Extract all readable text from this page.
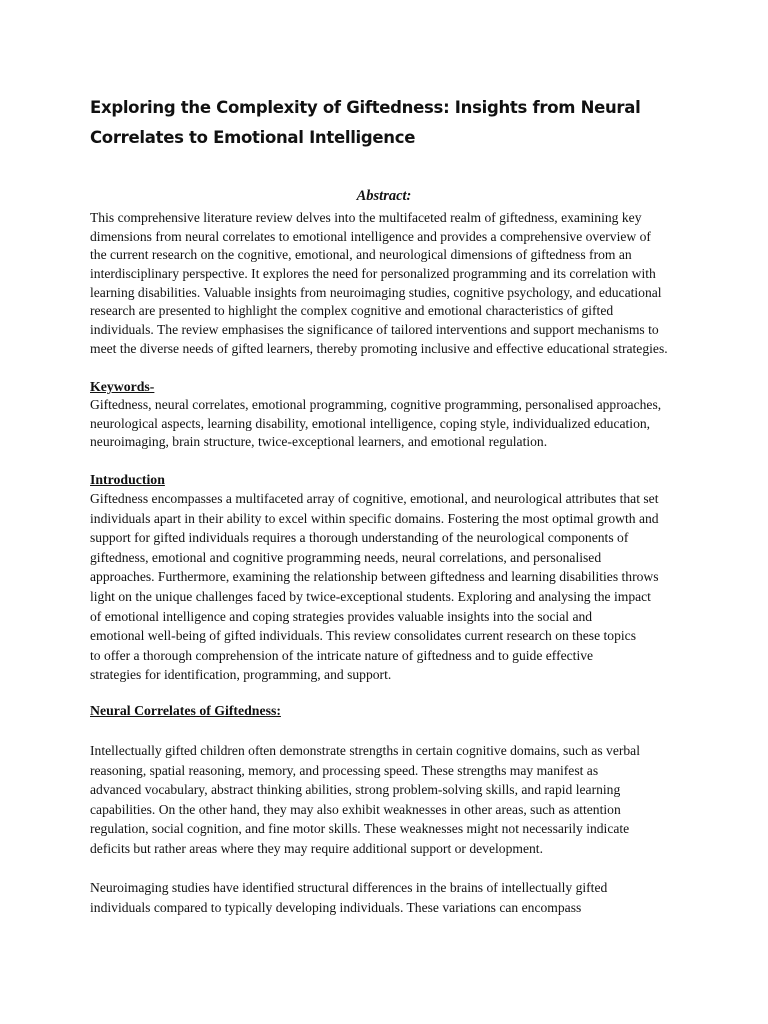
Exploring the Complexity of Giftedness: Insights from Neural
Correlates to Emotional Intelligence
Abstract:
This comprehensive literature review delves into the multifaceted realm of giftedness, examining key
dimensions from neural correlates to emotional intelligence and provides a comprehensive overview of
the current research on the cognitive, emotional, and neurological dimensions of giftedness from an
interdisciplinary perspective. It explores the need for personalized programming and its correlation with
learning disabilities. Valuable insights from neuroimaging studies, cognitive psychology, and educational
research are presented to highlight the complex cognitive and emotional characteristics of gifted
individuals. The review emphasises the significance of tailored interventions and support mechanisms to
meet the diverse needs of gifted learners, thereby promoting inclusive and effective educational strategies.
Keywords-
Giftedness, neural correlates, emotional programming, cognitive programming, personalised approaches,
neurological aspects, learning disability, emotional intelligence, coping style, individualized education,
neuroimaging, brain structure, twice-exceptional learners, and emotional regulation.
Introduction
Giftedness encompasses a multifaceted array of cognitive, emotional, and neurological attributes that set
individuals apart in their ability to excel within specific domains. Fostering the most optimal growth and
support for gifted individuals requires a thorough understanding of the neurological components of
giftedness, emotional and cognitive programming needs, neural correlations, and personalised
approaches. Furthermore, examining the relationship between giftedness and learning disabilities throws
light on the unique challenges faced by twice-exceptional students. Exploring and analysing the impact
of emotional intelligence and coping strategies provides valuable insights into the social and
emotional well-being of gifted individuals. This review consolidates current research on these topics
to offer a thorough comprehension of the intricate nature of giftedness and to guide effective
strategies for identification, programming, and support.
Neural Correlates of Giftedness:
Intellectually gifted children often demonstrate strengths in certain cognitive domains, such as verbal
reasoning, spatial reasoning, memory, and processing speed. These strengths may manifest as
advanced vocabulary, abstract thinking abilities, strong problem-solving skills, and rapid learning
capabilities. On the other hand, they may also exhibit weaknesses in other areas, such as attention
regulation, social cognition, and fine motor skills. These weaknesses might not necessarily indicate
deficits but rather areas where they may require additional support or development.
Neuroimaging studies have identified structural differences in the brains of intellectually gifted
individuals compared to typically developing individuals. These variations can encompass
